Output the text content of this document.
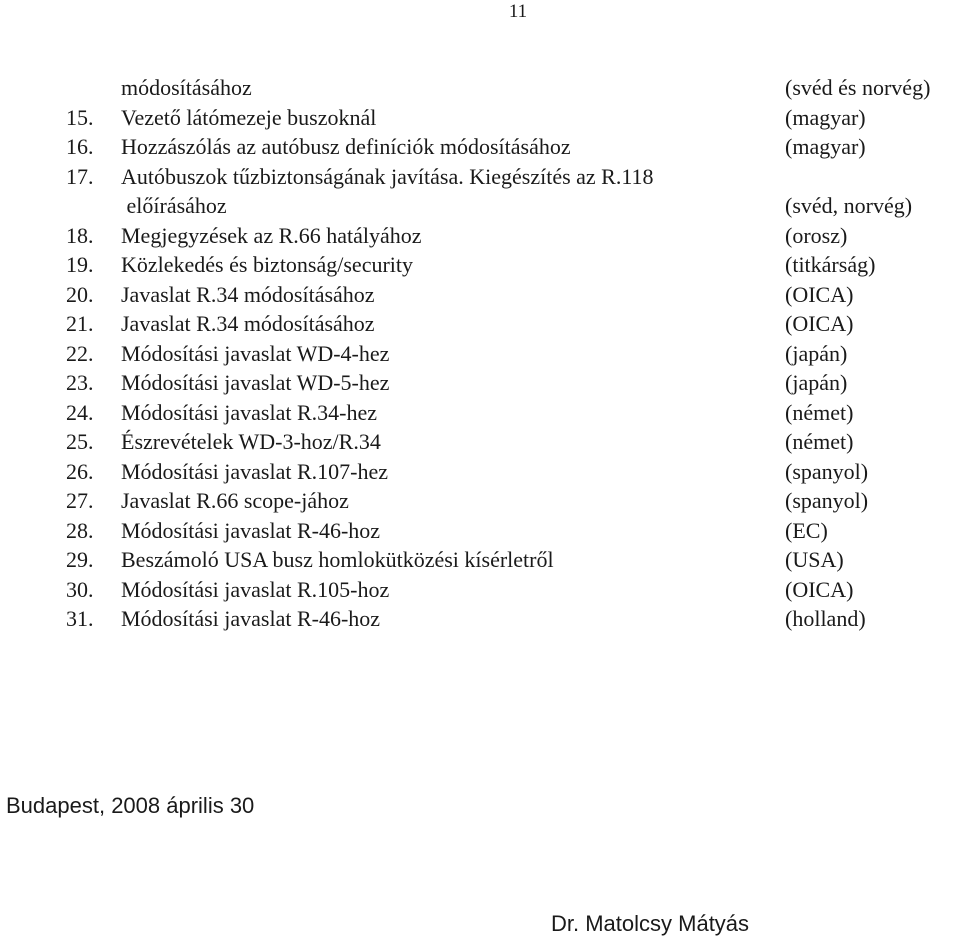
11
módosításához	(svéd és norvég)
15. Vezető látómezeje buszoknál	(magyar)
16. Hozzászólás az autóbusz definíciók módosításához	(magyar)
17. Autóbuszok tűzbiztonságának javítása. Kiegészítés az R.118
előírásához	(svéd, norvég)
18. Megjegyzések az R.66 hatályához	(orosz)
19. Közlekedés és biztonság/security	(titkárság)
20. Javaslat R.34 módosításához	(OICA)
21. Javaslat R.34 módosításához	(OICA)
22. Módosítási javaslat WD-4-hez	(japán)
23. Módosítási javaslat WD-5-hez	(japán)
24. Módosítási javaslat R.34-hez	(német)
25. Észrevételek WD-3-hoz/R.34	(német)
26. Módosítási javaslat R.107-hez	(spanyol)
27. Javaslat R.66 scope-jához	(spanyol)
28. Módosítási javaslat R-46-hoz	(EC)
29. Beszámoló USA busz homlokütközési kísérletről	(USA)
30. Módosítási javaslat R.105-hoz	(OICA)
31. Módosítási javaslat R-46-hoz	(holland)
Budapest, 2008 április 30
Dr. Matolcsy Mátyás
